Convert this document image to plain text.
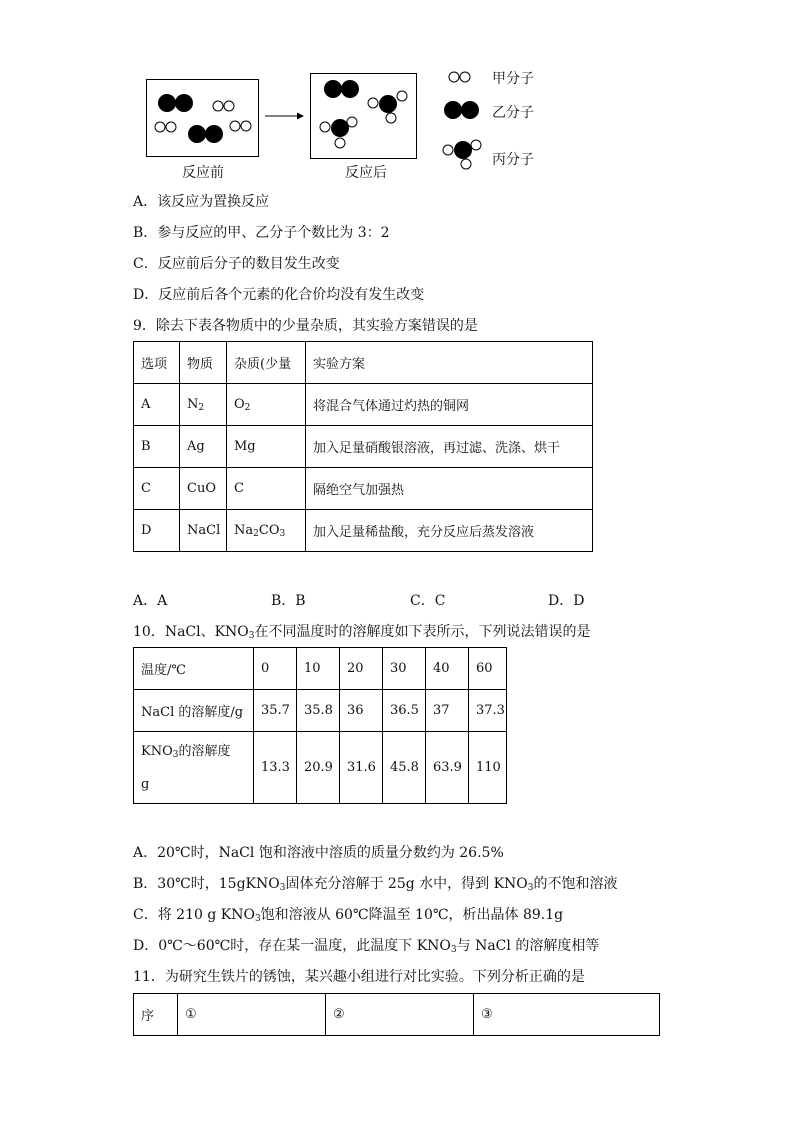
反应前	反应后
甲分子
乙分子
丙分子
A．该反应为置换反应
B．参与反应的甲、乙分子个数比为 3：2
C．反应前后分子的数目发生改变
D．反应前后各个元素的化合价均没有发生改变
9．除去下表各物质中的少量杂质，其实验方案错误的是
选项	物质	杂质(少量	实验方案
A	$N_2$	$O_2$	将混合气体通过灼热的铜网
B	Ag	Mg	加入足量硝酸银溶液，再过滤、洗涤、烘干
C	CuO	C	隔绝空气加强热
D	NaCl	$Na_2CO_3$	加入足量稀盐酸，充分反应后蒸发溶液
A．A	B．B	C．C	D．D
10．NaCl、$KNO_3$在不同温度时的溶解度如下表所示，下列说法错误的是
温度/℃	0	10	20	30	40	60
NaCl 的溶解度/g	35.7	35.8	36	36.5	37	37.3
$KNO_3$的溶解度
g	13.3	20.9	31.6	45.8	63.9	110
A．20℃时，NaCl 饱和溶液中溶质的质量分数约为 26.5%
B．30℃时，15gKNO$_3$固体充分溶解于 25g 水中，得到 $KNO_3$的不饱和溶液
C．将 210 g $KNO_3$饱和溶液从 60℃降温至 10℃，析出晶体 89.1g
D．0℃～60℃时，存在某一温度，此温度下 $KNO_3$与 NaCl 的溶解度相等
11．为研究生铁片的锈蚀，某兴趣小组进行对比实验。下列分析正确的是
序	①	②	③
